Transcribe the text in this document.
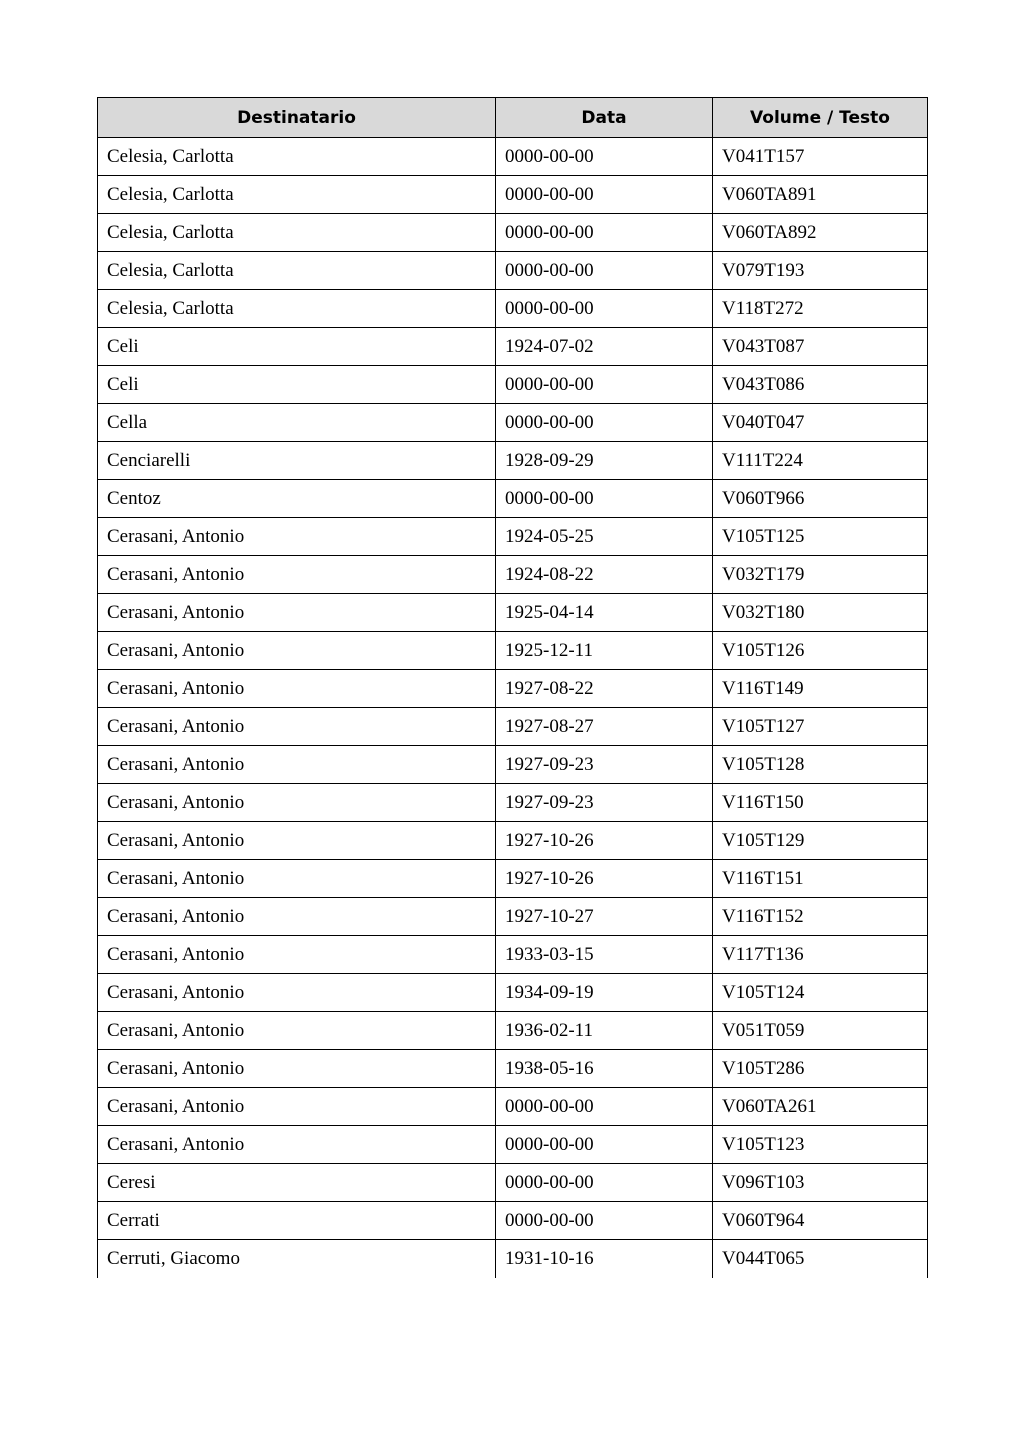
Destinatario	Data	Volume / Testo
Celesia, Carlotta	0000-00-00	V041T157
Celesia, Carlotta	0000-00-00	V060TA891
Celesia, Carlotta	0000-00-00	V060TA892
Celesia, Carlotta	0000-00-00	V079T193
Celesia, Carlotta	0000-00-00	V118T272
Celi	1924-07-02	V043T087
Celi	0000-00-00	V043T086
Cella	0000-00-00	V040T047
Cenciarelli	1928-09-29	V111T224
Centoz	0000-00-00	V060T966
Cerasani, Antonio	1924-05-25	V105T125
Cerasani, Antonio	1924-08-22	V032T179
Cerasani, Antonio	1925-04-14	V032T180
Cerasani, Antonio	1925-12-11	V105T126
Cerasani, Antonio	1927-08-22	V116T149
Cerasani, Antonio	1927-08-27	V105T127
Cerasani, Antonio	1927-09-23	V105T128
Cerasani, Antonio	1927-09-23	V116T150
Cerasani, Antonio	1927-10-26	V105T129
Cerasani, Antonio	1927-10-26	V116T151
Cerasani, Antonio	1927-10-27	V116T152
Cerasani, Antonio	1933-03-15	V117T136
Cerasani, Antonio	1934-09-19	V105T124
Cerasani, Antonio	1936-02-11	V051T059
Cerasani, Antonio	1938-05-16	V105T286
Cerasani, Antonio	0000-00-00	V060TA261
Cerasani, Antonio	0000-00-00	V105T123
Ceresi	0000-00-00	V096T103
Cerrati	0000-00-00	V060T964
Cerruti, Giacomo	1931-10-16	V044T065
